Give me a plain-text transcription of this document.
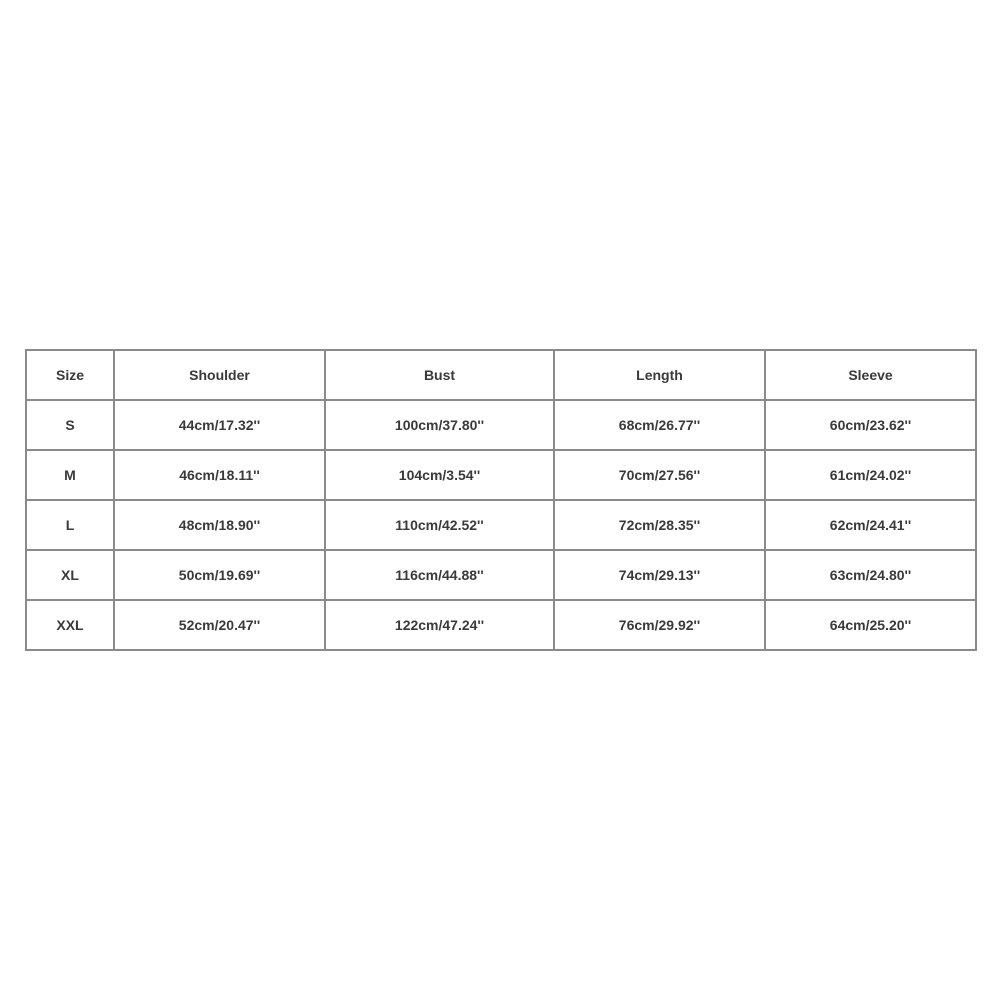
Size	Shoulder	Bust	Length	Sleeve
S	44cm/17.32''	100cm/37.80''	68cm/26.77''	60cm/23.62''
M	46cm/18.11''	104cm/3.54''	70cm/27.56''	61cm/24.02''
L	48cm/18.90''	110cm/42.52''	72cm/28.35''	62cm/24.41''
XL	50cm/19.69''	116cm/44.88''	74cm/29.13''	63cm/24.80''
XXL	52cm/20.47''	122cm/47.24''	76cm/29.92''	64cm/25.20''
